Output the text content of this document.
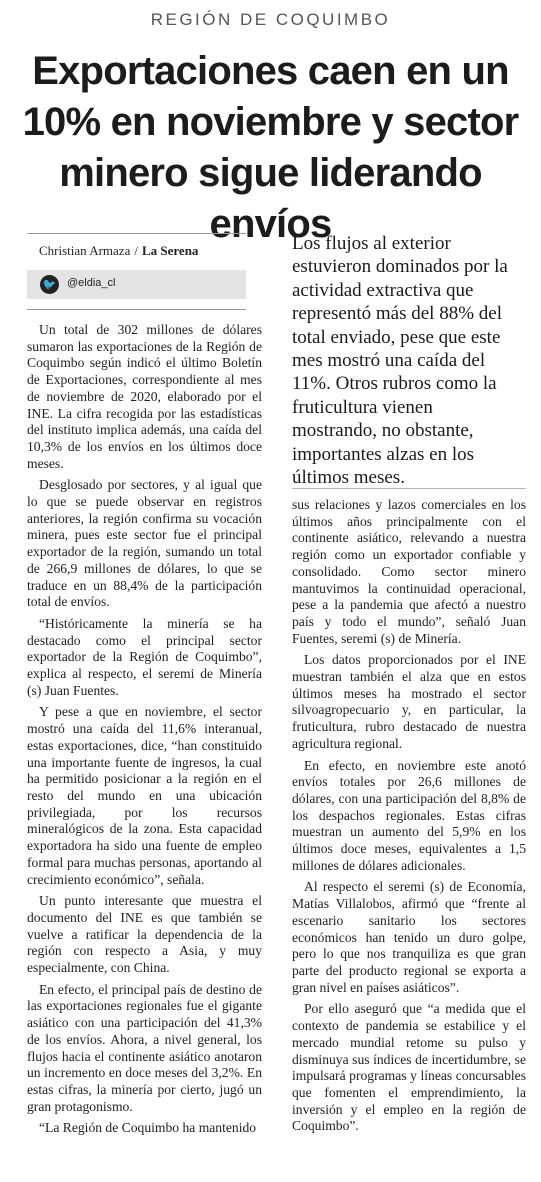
REGIÓN DE COQUIMBO
Exportaciones caen en un 10% en noviembre y sector minero sigue liderando envíos
Christian Armaza / La Serena
🐦 @eldia_cl
Los flujos al exterior estuvieron dominados por la actividad extractiva que representó más del 88% del total enviado, pese que este mes mostró una caída del 11%. Otros rubros como la fruticultura vienen mostrando, no obstante, importantes alzas en los últimos meses.

Un total de 302 millones de dólares sumaron las exportaciones de la Región de Coquimbo según indicó el último Boletín de Exportaciones, correspondiente al mes de noviembre de 2020, elaborado por el INE. La cifra recogida por las estadísticas del instituto implica además, una caída del 10,3% de los envíos en los últimos doce meses.

Desglosado por sectores, y al igual que lo que se puede observar en registros anteriores, la región confirma su vocación minera, pues este sector fue el principal exportador de la región, sumando un total de 266,9 millones de dólares, lo que se traduce en un 88,4% de la participación total de envíos.

“Históricamente la minería se ha destacado como el principal sector exportador de la Región de Coquimbo”, explica al respecto, el seremi de Minería (s) Juan Fuentes.

Y pese a que en noviembre, el sector mostró una caída del 11,6% interanual, estas exportaciones, dice, “han constituido una importante fuente de ingresos, la cual ha permitido posicionar a la región en el resto del mundo en una ubicación privilegiada, por los recursos mineralógicos de la zona. Esta capacidad exportadora ha sido una fuente de empleo formal para muchas personas, aportando al crecimiento económico”, señala.

Un punto interesante que muestra el documento del INE es que también se vuelve a ratificar la dependencia de la región con respecto a Asia, y muy especialmente, con China.

En efecto, el principal país de destino de las exportaciones regionales fue el gigante asiático con una participación del 41,3% de los envíos. Ahora, a nivel general, los flujos hacia el continente asiático anotaron un incremento en doce meses del 3,2%. En estas cifras, la minería por cierto, jugó un gran protagonismo.

“La Región de Coquimbo ha mantenido

sus relaciones y lazos comerciales en los últimos años principalmente con el continente asiático, relevando a nuestra región como un exportador confiable y consolidado. Como sector minero mantuvimos la continuidad operacional, pese a la pandemia que afectó a nuestro país y todo el mundo”, señaló Juan Fuentes, seremi (s) de Minería.

Los datos proporcionados por el INE muestran también el alza que en estos últimos meses ha mostrado el sector silvoagropecuario y, en particular, la fruticultura, rubro destacado de nuestra agricultura regional.

En efecto, en noviembre este anotó envíos totales por 26,6 millones de dólares, con una participación del 8,8% de los despachos regionales. Estas cifras muestran un aumento del 5,9% en los últimos doce meses, equivalentes a 1,5 millones de dólares adicionales.

Al respecto el seremi (s) de Economía, Matías Villalobos, afirmó que “frente al escenario sanitario los sectores económicos han tenido un duro golpe, pero lo que nos tranquiliza es que gran parte del producto regional se exporta a gran nivel en países asiáticos”.

Por ello aseguró que “a medida que el contexto de pandemia se estabilice y el mercado mundial retome su pulso y disminuya sus índices de incertidumbre, se impulsará programas y líneas concursables que fomenten el emprendimiento, la inversión y el empleo en la región de Coquimbo”.
